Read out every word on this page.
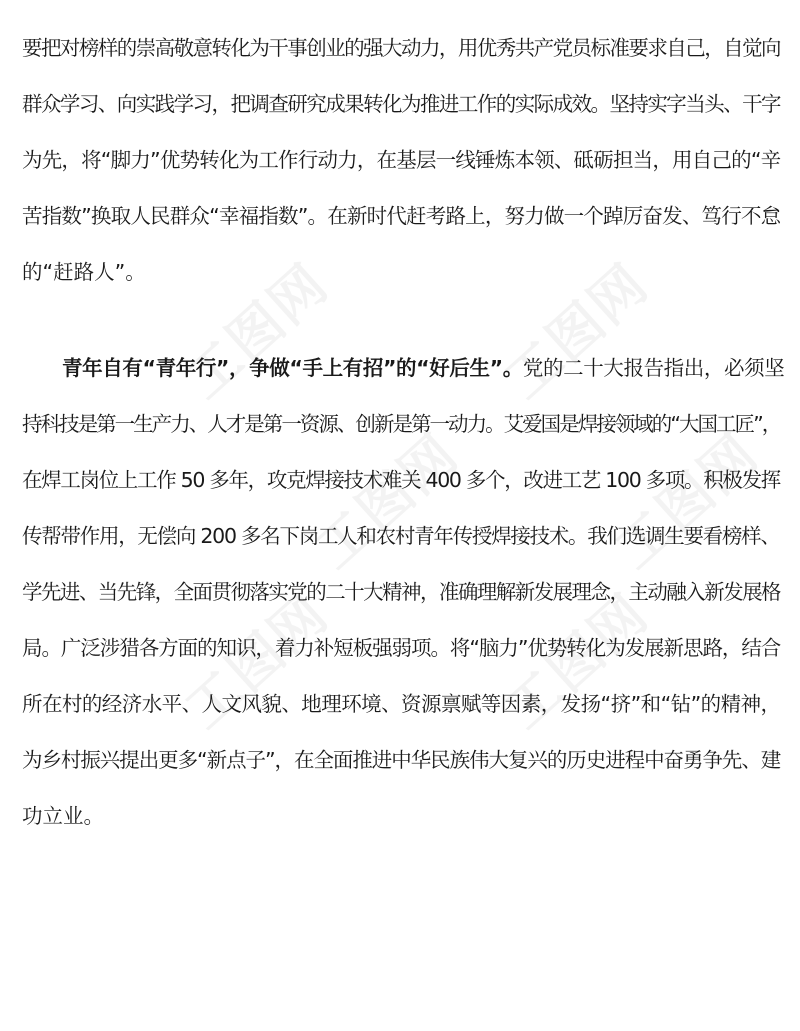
要把对榜样的崇高敬意转化为干事创业的强大动力，用优秀共产党员标准要求自己，自觉向
群众学习、向实践学习，把调查研究成果转化为推进工作的实际成效。坚持实字当头、干字
为先，将“脚力”优势转化为工作行动力，在基层一线锤炼本领、砥砺担当，用自己的“辛
苦指数”换取人民群众“幸福指数”。在新时代赶考路上，努力做一个踔厉奋发、笃行不怠
的“赶路人”。
青年自有“青年行”，争做“手上有招”的“好后生”。党的二十大报告指出，必须坚
持科技是第一生产力、人才是第一资源、创新是第一动力。艾爱国是焊接领域的“大国工匠”，
在焊工岗位上工作 50 多年，攻克焊接技术难关 400 多个，改进工艺 100 多项。积极发挥
传帮带作用，无偿向 200 多名下岗工人和农村青年传授焊接技术。我们选调生要看榜样、
学先进、当先锋，全面贯彻落实党的二十大精神，准确理解新发展理念，主动融入新发展格
局。广泛涉猎各方面的知识，着力补短板强弱项。将“脑力”优势转化为发展新思路，结合
所在村的经济水平、人文风貌、地理环境、资源禀赋等因素，发扬“挤”和“钻”的精神，
为乡村振兴提出更多“新点子”，在全面推进中华民族伟大复兴的历史进程中奋勇争先、建
功立业。
